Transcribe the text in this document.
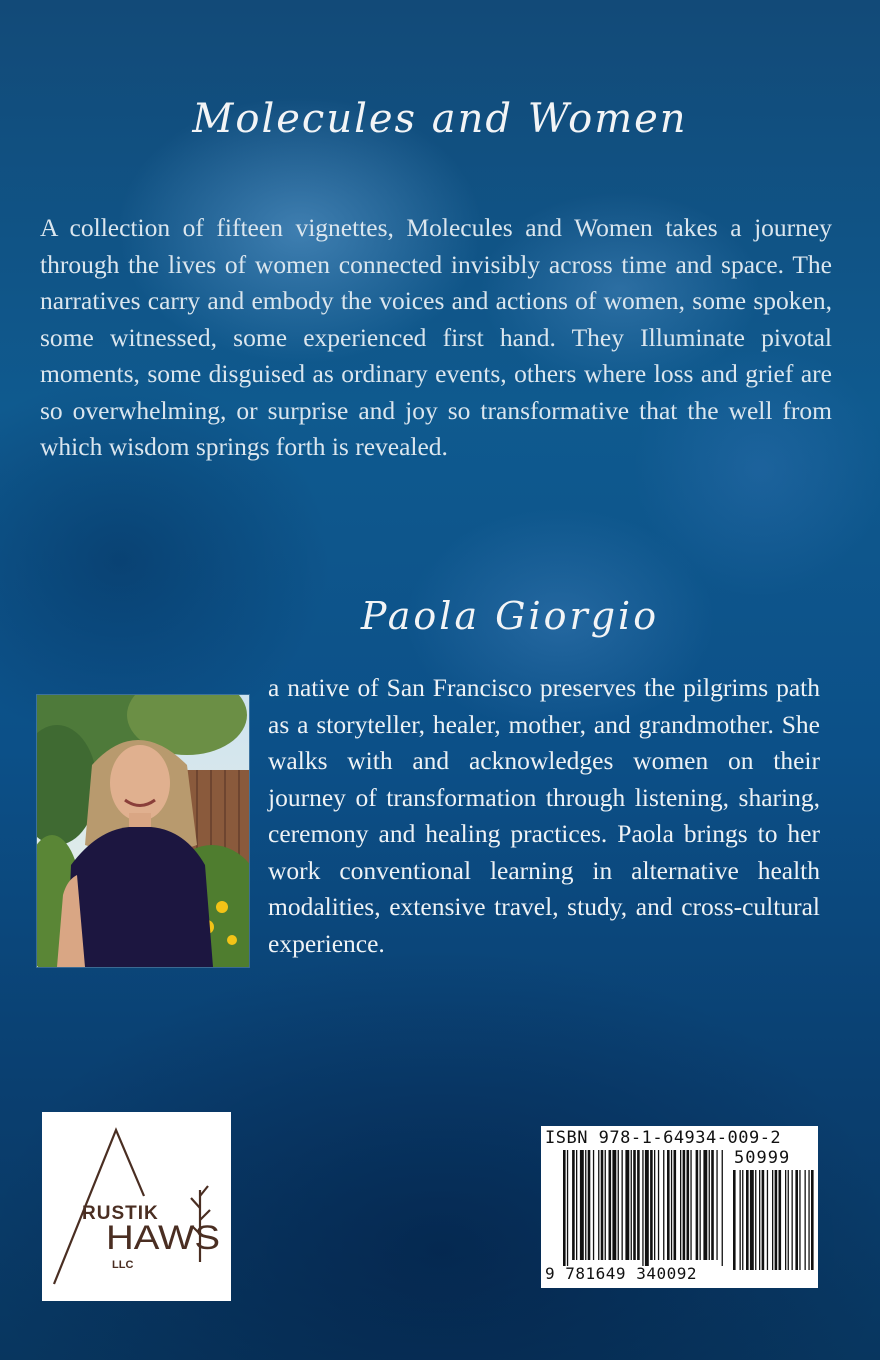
Molecules and Women

A collection of fifteen vignettes, Molecules and Women takes a journey through the lives of women connected invisibly across time and space. The narratives carry and embody the voices and actions of women, some spoken, some witnessed, some experienced first hand. They Illuminate pivotal moments, some disguised as ordinary events, others where loss and grief are so overwhelming, or surprise and joy so transformative that the well from which wisdom springs forth is revealed.

Paola Giorgio

a native of San Francisco preserves the pilgrims path as a storyteller, healer, mother, and grandmother. She walks with and acknowledges women on their journey of transformation through listening, sharing, ceremony and healing practices. Paola brings to her work conventional learning in alternative health modalities, extensive travel, study, and cross-cultural experience.

RUSTIK
HAWS
LLC
ISBN 978-1-64934-009-2
50999
9 781649 340092
